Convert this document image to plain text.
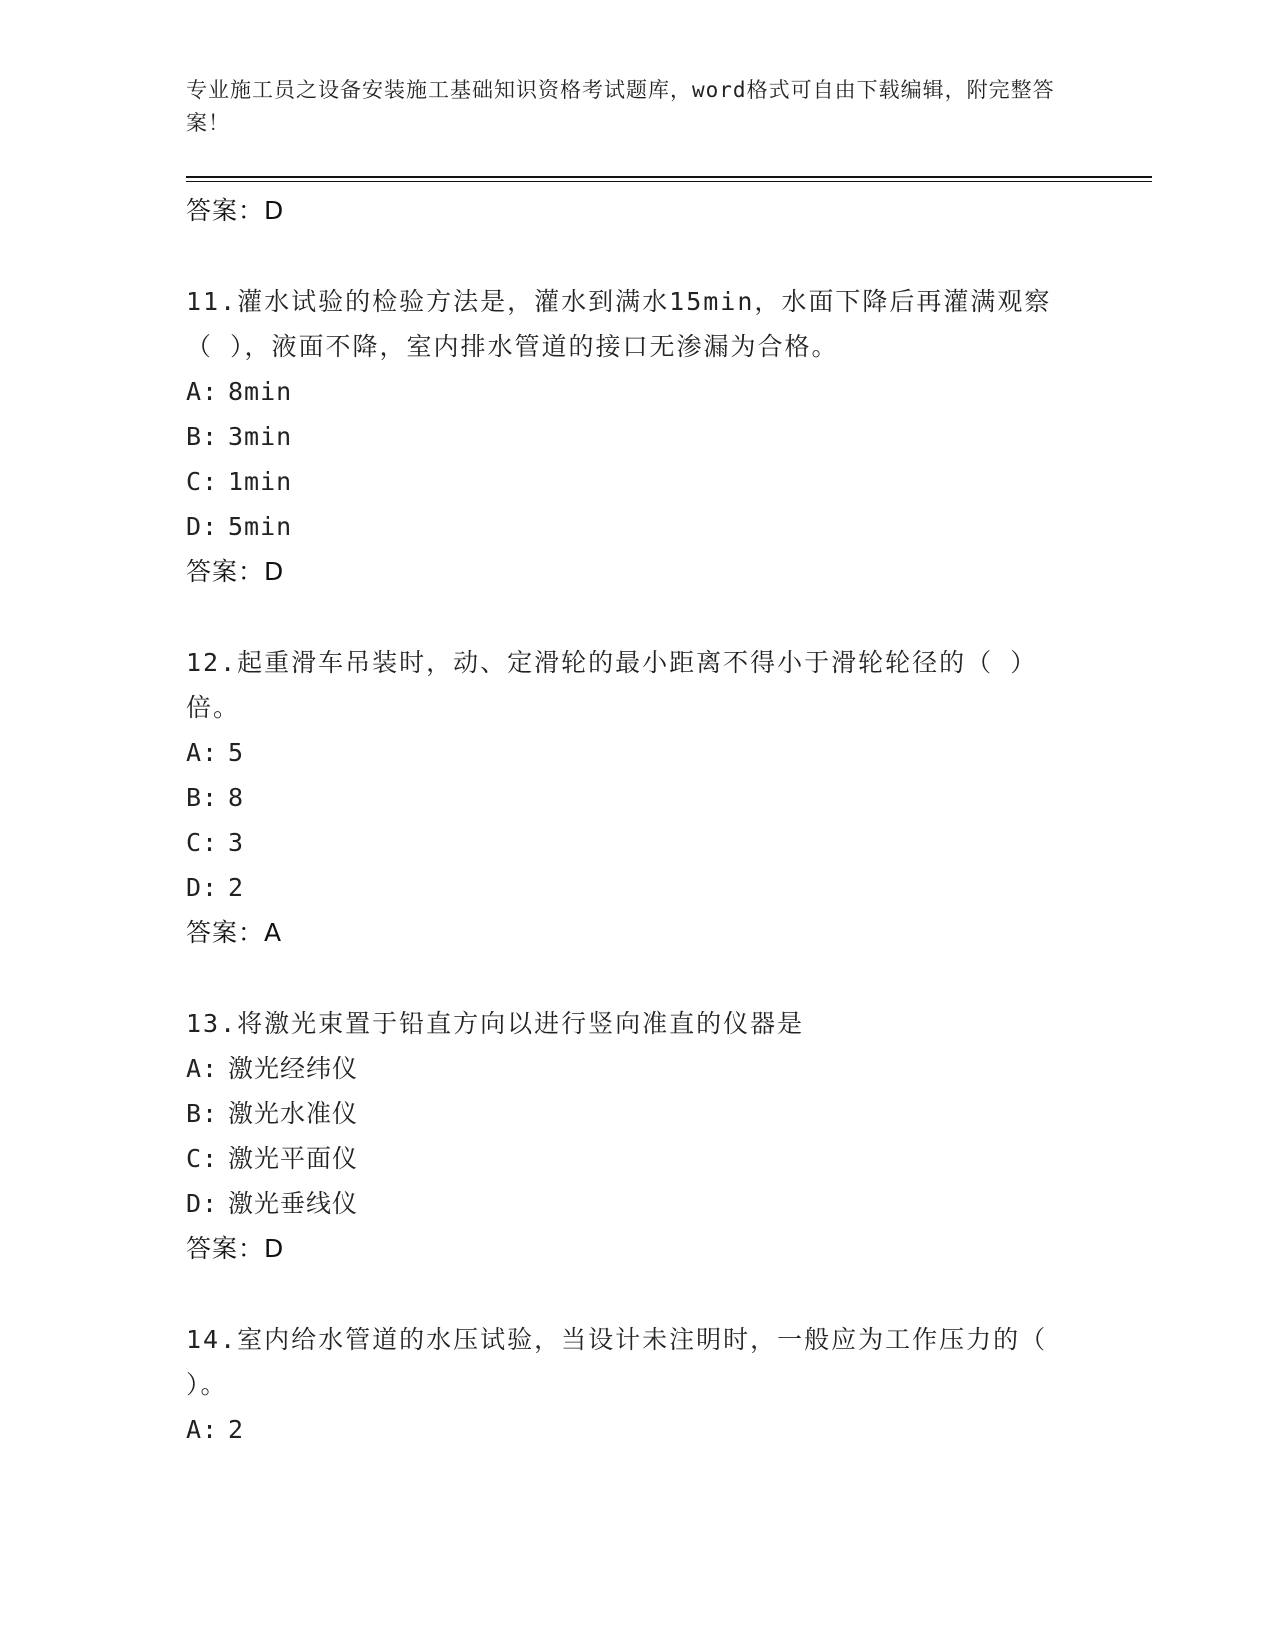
专业施工员之设备安装施工基础知识资格考试题库，word格式可自由下载编辑，附完整答案！
答案：D
11.灌水试验的检验方法是，灌水到满水15min，水面下降后再灌满观察（ ），液面不降，室内排水管道的接口无渗漏为合格。
A: 8min
B: 3min
C: 1min
D: 5min
答案：D
12.起重滑车吊装时，动、定滑轮的最小距离不得小于滑轮轮径的（ ）倍。
A: 5
B: 8
C: 3
D: 2
答案：A
13.将激光束置于铅直方向以进行竖向准直的仪器是
A: 激光经纬仪
B: 激光水准仪
C: 激光平面仪
D: 激光垂线仪
答案：D
14.室内给水管道的水压试验，当设计未注明时，一般应为工作压力的（ ）。
A: 2
